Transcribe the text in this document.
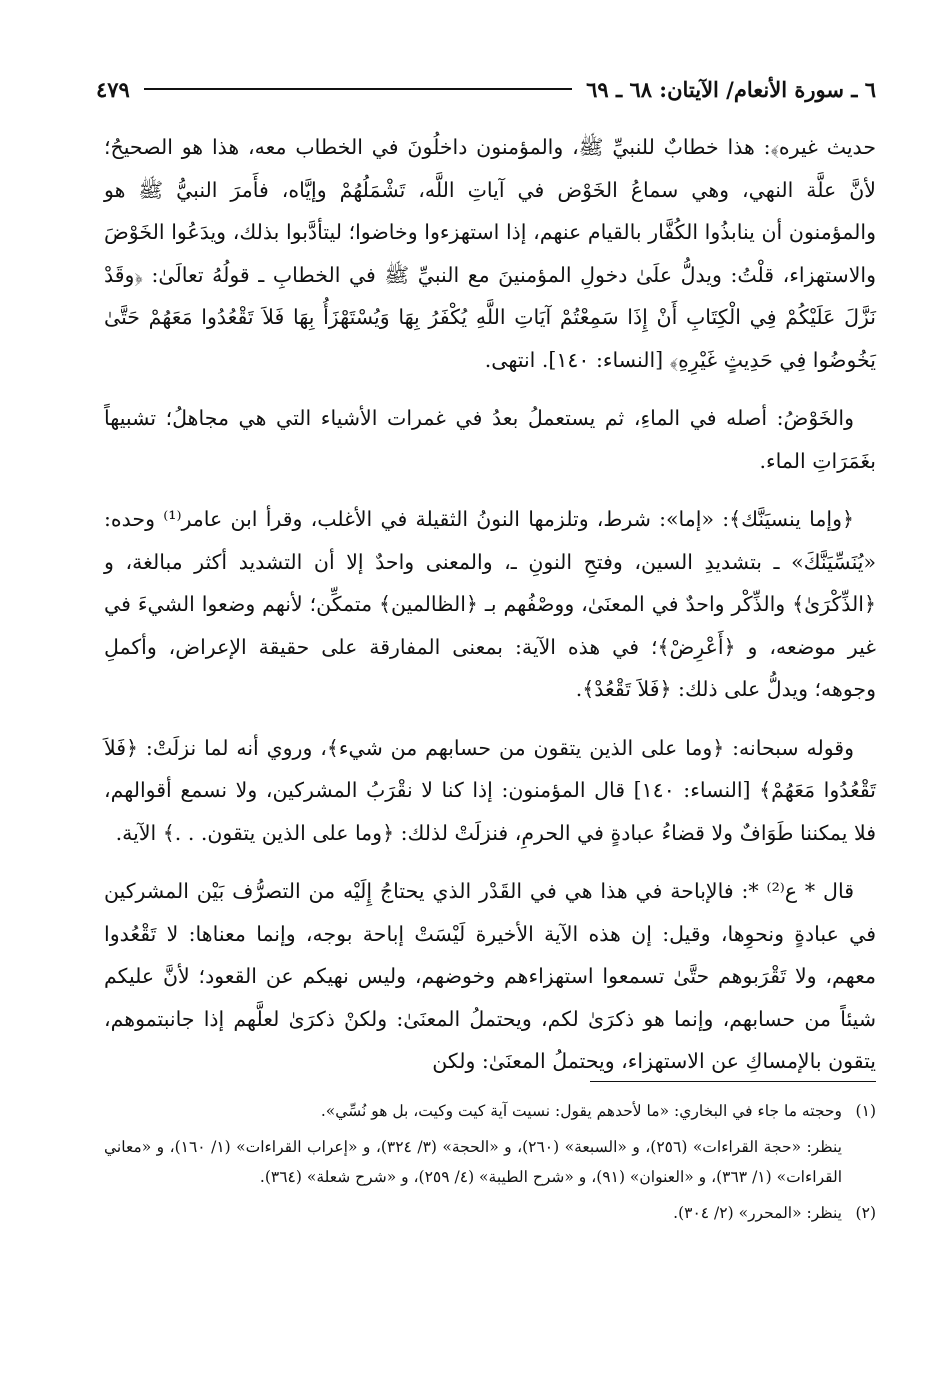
٦ ـ سورة الأنعام/ الآيتان: ٦٨ ـ ٦٩
٤٧٩

حديث غيره﴾: هذا خطابٌ للنبيِّ ﷺ، والمؤمنون داخلُونَ في الخطاب معه، هذا هو الصحيحُ؛ لأنَّ علَّة النهي، وهي سماعُ الخَوْض في آياتِ اللَّه، تَشْمَلُهُمْ وإيَّاه، فأَمرَ النبيُّ ﷺ هو والمؤمنون أن ينابذُوا الكُفَّار بالقيام عنهم، إذا استهزءوا وخاضوا؛ ليتأدَّبوا بذلك، ويدَعُوا الخَوْضَ والاستهزاء، قلْتُ: ويدلُّ علَىٰ دخولِ المؤمنينَ مع النبيِّ ﷺ في الخطابِ ـ قولُهُ تعالَىٰ: ﴿وقَدْ نَزَّلَ عَلَيْكُمْ فِي الْكِتَابِ أَنْ إِذَا سَمِعْتُمْ آيَاتِ اللَّهِ يُكْفَرُ بِهَا وَيُسْتَهْزَأُ بِهَا فَلاَ تَقْعُدُوا مَعَهُمْ حَتَّىٰ يَخُوضُوا فِي حَدِيثٍ غَيْرِهِ﴾ [النساء: ١٤٠]. انتهى.

والخَوْضُ: أصله في الماءِ، ثم يستعملُ بعدُ في غمرات الأشياء التي هي مجاهلُ؛ تشبيهاً بغَمَرَاتِ الماء.

﴿وإما ينسيَنَّك﴾: «إما»: شرط، وتلزمها النونُ الثقيلة في الأغلب، وقرأ ابن عامر⁽¹⁾ وحده: «يُنَسِّيَنَّكَ» ـ بتشديدِ السين، وفتحِ النونِ ـ، والمعنى واحدٌ إلا أن التشديد أكثر مبالغة، و ﴿الذِّكْرَىٰ﴾ والذِّكْر واحدٌ في المعنَىٰ، ووصْفُهم بـ ﴿الظالمين﴾ متمكِّن؛ لأنهم وضعوا الشيءَ في غير موضعه، و ﴿أَعْرِضْ﴾؛ في هذه الآية: بمعنى المفارقة على حقيقة الإعراض، وأكملِ وجوهه؛ ويدلُّ على ذلك: ﴿فَلاَ تَقْعُدْ﴾.

وقوله سبحانه: ﴿وما على الذين يتقون من حسابهم من شيء﴾، وروي أنه لما نزلَتْ: ﴿فَلاَ تَقْعُدُوا مَعَهُمْ﴾ [النساء: ١٤٠] قال المؤمنون: إذا كنا لا نقْرَبُ المشركين، ولا نسمع أقوالهم، فلا يمكننا طَوَافٌ ولا قضاءُ عبادةٍ في الحرمِ، فنزلَتْ لذلك: ﴿وما على الذين يتقون. . .﴾ الآية.

قال * ع⁽²⁾ *: فالإباحة في هذا هي في القَدْر الذي يحتاجُ إِلَيْه من التصرُّف بَيْن المشركين في عبادةٍ ونحوِها، وقيل: إن هذه الآية الأخيرة لَيْسَتْ إباحة بوجه، وإنما معناها: لا تَقْعُدوا معهم، ولا تَقْرَبوهم حتَّىٰ تسمعوا استهزاءهم وخوضهم، وليس نهيكم عن القعود؛ لأنَّ عليكم شيئاً من حسابهم، وإنما هو ذكرَىٰ لكم، ويحتملُ المعنَىٰ: ولكنْ ذكرَىٰ لعلَّهم إذا جانبتموهم، يتقون بالإمساكِ عن الاستهزاء، ويحتملُ المعنَىٰ: ولكن

(١)وحجته ما جاء في البخاري: «ما لأحدهم يقول: نسيت آية كيت وكيت، بل هو نُسِّي».

ينظر: «حجة القراءات» (٢٥٦)، و «السبعة» (٢٦٠)، و «الحجة» (٣/ ٣٢٤)، و «إعراب القراءات» (١/ ١٦٠)، و «معاني القراءات» (١/ ٣٦٣)، و «العنوان» (٩١)، و «شرح الطيبة» (٤/ ٢٥٩)، و «شرح شعلة» (٣٦٤).

(٢)ينظر: «المحرر» (٢/ ٣٠٤).
